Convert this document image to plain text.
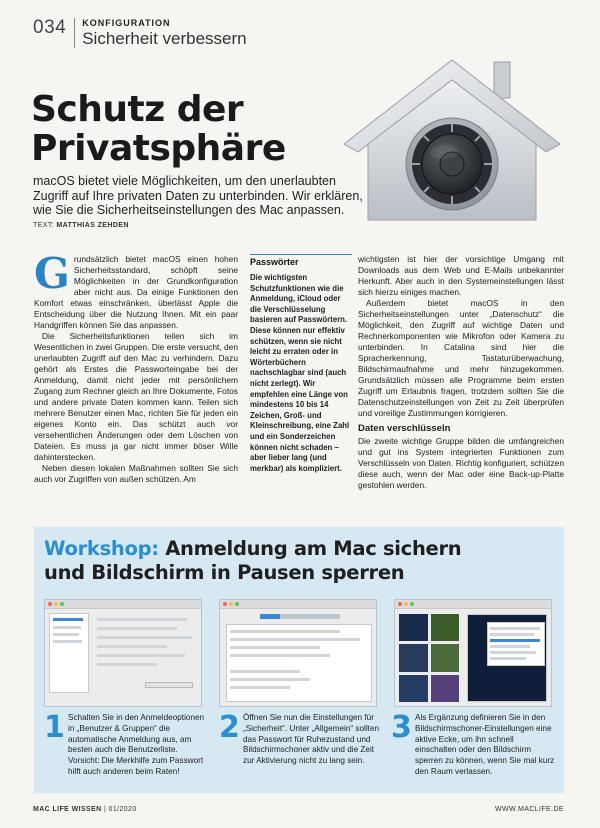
034 KONFIGURATION
Sicherheit verbessern
Schutz der
Privatsphäre
macOS bietet viele Möglichkeiten, um den unerlaubten Zugriff auf Ihre privaten Daten zu unterbinden. Wir erklären, wie Sie die Sicherheitseinstellungen des Mac anpassen.
TEXT: MATTHIAS ZEHDEN
G rundsätzlich bietet macOS einen hohen Sicherheitsstandard, schöpft seine Möglichkeiten in der Grundkonfiguration aber nicht aus. Da einige Funktionen den Komfort etwas einschränken, überlässt Apple die Entscheidung über die Nutzung Ihnen. Mit ein paar Handgriffen können Sie das anpassen.

Die Sicherheitsfunktionen teilen sich im Wesentlichen in zwei Gruppen. Die erste versucht, den unerlaubten Zugriff auf den Mac zu verhindern. Dazu gehört als Erstes die Passworteingabe bei der Anmeldung, damit nicht jeder mit persönlichem Zugang zum Rechner gleich an Ihre Dokumente, Fotos und andere private Daten kommen kann. Teilen sich mehrere Benutzer einen Mac, richten Sie für jeden ein eigenes Konto ein. Das schützt auch vor versehentlichen Änderungen oder dem Löschen von Dateien. Es muss ja gar nicht immer böser Wille dahinterstecken.

Neben diesen lokalen Maßnahmen sollten Sie sich auch vor Zugriffen von außen schützen. Am

Passwörter
Die wichtigsten Schutzfunktionen wie die Anmeldung, iCloud oder die Verschlüsselung basieren auf Passwörtern. Diese können nur effektiv schützen, wenn sie nicht leicht zu erraten oder in Wörterbüchern nachschlagbar sind (auch nicht zerlegt). Wir empfehlen eine Länge von mindestens 10 bis 14 Zeichen, Groß- und Kleinschreibung, eine Zahl und ein Sonderzeichen können nicht schaden – aber lieber lang (und merkbar) als kompliziert.

wichtigsten ist hier der vorsichtige Umgang mit Downloads aus dem Web und E-Mails unbekannter Herkunft. Aber auch in den Systemeinstellungen lässt sich hierzu einiges machen.

Außerdem bietet macOS in den Sicherheitseinstellungen unter „Datenschutz“ die Möglichkeit, den Zugriff auf wichtige Daten und Rechnerkomponenten wie Mikrofon oder Kamera zu unterbinden. In Catalina sind hier die Spracherkennung, Tastaturüberwachung, Bildschirmaufnahme und mehr hinzugekommen. Grundsätzlich müssen alle Programme beim ersten Zugriff um Erlaubnis fragen, trotzdem sollten Sie die Datenschutzeinstellungen von Zeit zu Zeit überprüfen und voreilige Zustimmungen korrigieren.

Daten verschlüsseln

Die zweite wichtige Gruppe bilden die umfangreichen und gut ins System integrierten Funktionen zum Verschlüsseln von Daten. Richtig konfiguriert, schützen diese auch, wenn der Mac oder eine Back-up-Platte gestohlen werden.

Workshop: Anmeldung am Mac sichern
und Bildschirm in Pausen sperren
1 Schalten Sie in den Anmeldeoptionen in „Benutzer & Gruppen“ die automatische Anmeldung aus, am besten auch die Benutzerliste. Vorsicht: Die Merkhilfe zum Passwort hilft auch anderen beim Raten!
2 Öffnen Sie nun die Einstellungen für „Sicherheit“. Unter „Allgemein“ sollten das Passwort für Ruhezustand und Bildschirmschoner aktiv und die Zeit zur Aktivierung nicht zu lang sein.
3 Als Ergänzung definieren Sie in den Bildschirmschoner-Einstellungen eine aktive Ecke, um ihn schnell einschalten oder den Bildschirm sperren zu können, wenn Sie mal kurz den Raum verlassen.
MAC LIFE WISSEN | 01/2020	WWW.MACLIFE.DE
